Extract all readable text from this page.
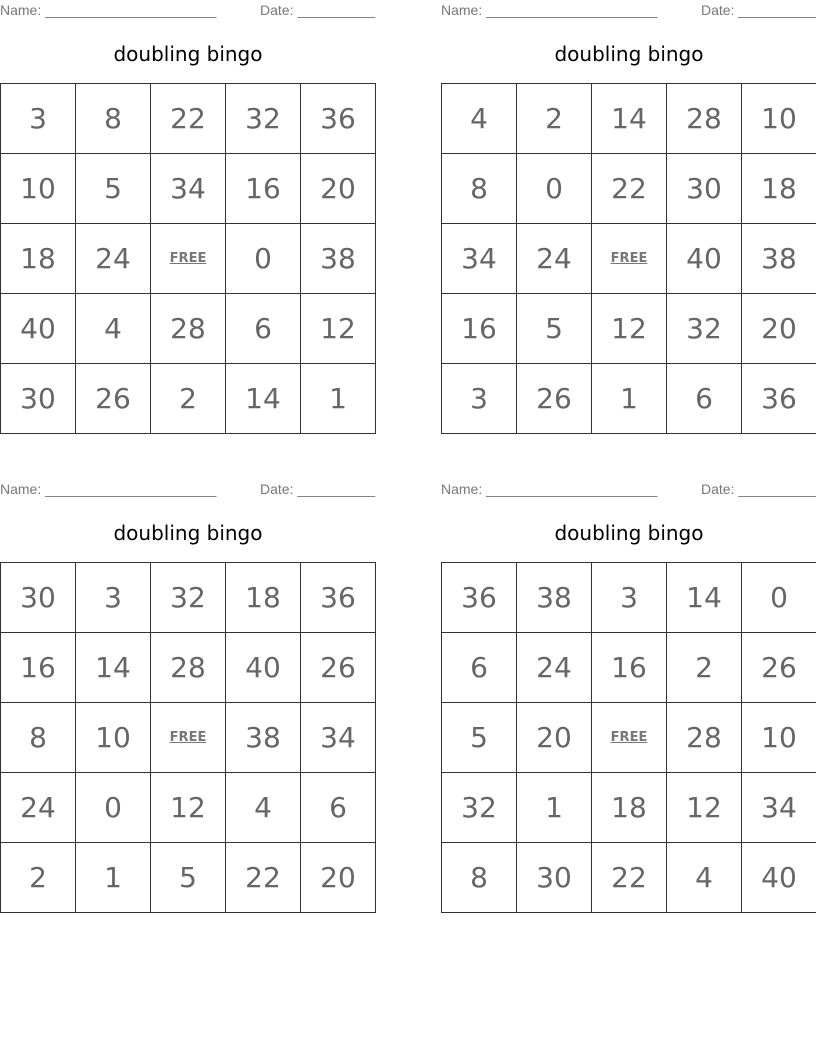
Name: ______________________	Date: __________
doubling bingo
3	8	22	32	36
10	5	34	16	20
18	24	FREE	0	38
40	4	28	6	12
30	26	2	14	1
Name: ______________________	Date: __________
doubling bingo
4	2	14	28	10
8	0	22	30	18
34	24	FREE	40	38
16	5	12	32	20
3	26	1	6	36
Name: ______________________	Date: __________
doubling bingo
30	3	32	18	36
16	14	28	40	26
8	10	FREE	38	34
24	0	12	4	6
2	1	5	22	20
Name: ______________________	Date: __________
doubling bingo
36	38	3	14	0
6	24	16	2	26
5	20	FREE	28	10
32	1	18	12	34
8	30	22	4	40
